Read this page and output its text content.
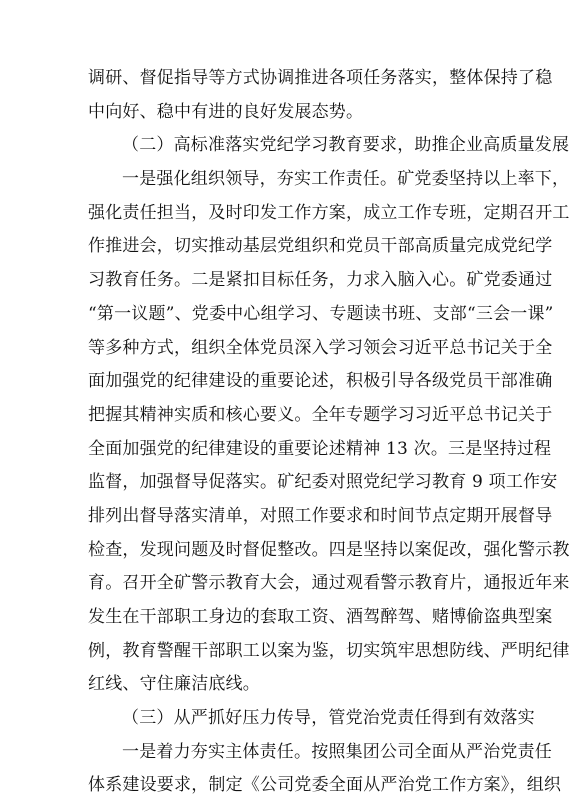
调研、督促指导等方式协调推进各项任务落实，整体保持了稳
中向好、稳中有进的良好发展态势。
（二）高标准落实党纪学习教育要求，助推企业高质量发展
一是强化组织领导，夯实工作责任。矿党委坚持以上率下，
强化责任担当，及时印发工作方案，成立工作专班，定期召开工
作推进会，切实推动基层党组织和党员干部高质量完成党纪学
习教育任务。二是紧扣目标任务，力求入脑入心。矿党委通过
“第一议题”、党委中心组学习、专题读书班、支部“三会一课”
等多种方式，组织全体党员深入学习领会习近平总书记关于全
面加强党的纪律建设的重要论述，积极引导各级党员干部准确
把握其精神实质和核心要义。全年专题学习习近平总书记关于
全面加强党的纪律建设的重要论述精神 13 次。三是坚持过程
监督，加强督导促落实。矿纪委对照党纪学习教育 9 项工作安
排列出督导落实清单，对照工作要求和时间节点定期开展督导
检查，发现问题及时督促整改。四是坚持以案促改，强化警示教
育。召开全矿警示教育大会，通过观看警示教育片，通报近年来
发生在干部职工身边的套取工资、酒驾醉驾、赌博偷盗典型案
例，教育警醒干部职工以案为鉴，切实筑牢思想防线、严明纪律
红线、守住廉洁底线。
（三）从严抓好压力传导，管党治党责任得到有效落实
一是着力夯实主体责任。按照集团公司全面从严治党责任
体系建设要求，制定《公司党委全面从严治党工作方案》，组织
